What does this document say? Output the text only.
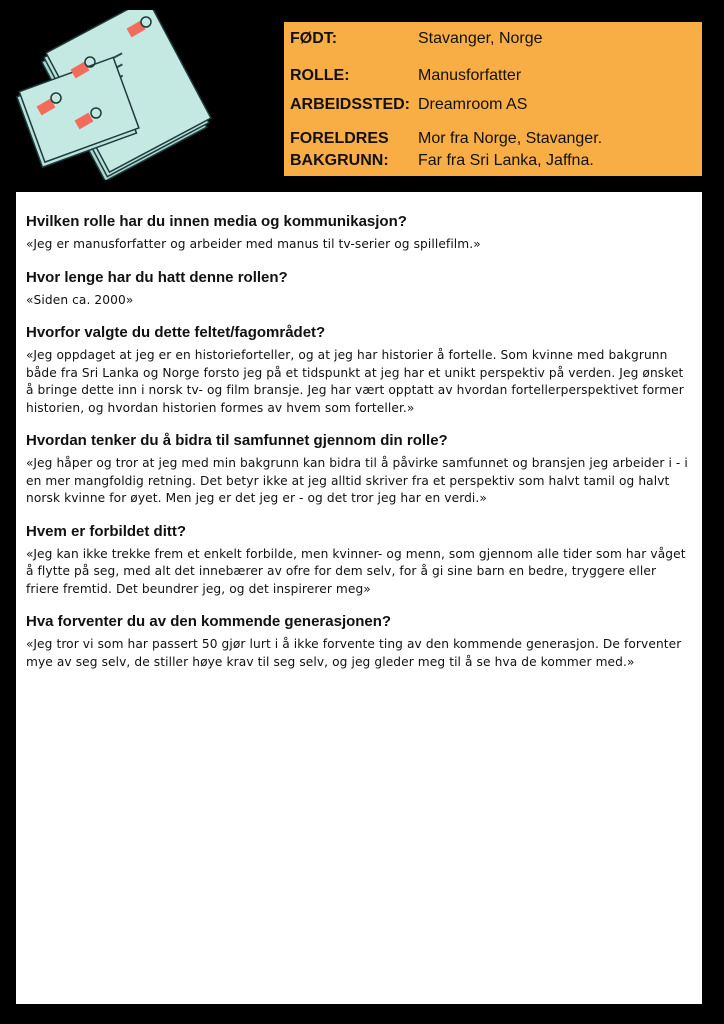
FØDT:	Stavanger, Norge
ROLLE:	Manusforfatter
ARBEIDSSTED: Dreamroom AS
FORELDRES BAKGRUNN:
Mor fra Norge, Stavanger. Far fra Sri Lanka, Jaffna.

Hvilken rolle har du innen media og kommunikasjon?

«Jeg er manusforfatter og arbeider med manus til tv-serier og spillefilm.»

Hvor lenge har du hatt denne rollen?

«Siden ca. 2000»

Hvorfor valgte du dette feltet/fagområdet?

«Jeg oppdaget at jeg er en historieforteller, og at jeg har historier å fortelle. Som kvinne med bakgrunn både fra Sri Lanka og Norge forsto jeg på et tidspunkt at jeg har et unikt perspektiv på verden. Jeg ønsket å bringe dette inn i norsk tv- og film bransje. Jeg har vært opptatt av hvordan fortellerperspektivet former historien, og hvordan historien formes av hvem som forteller.»

Hvordan tenker du å bidra til samfunnet gjennom din rolle?

«Jeg håper og tror at jeg med min bakgrunn kan bidra til å påvirke samfunnet og bransjen jeg arbeider i - i en mer mangfoldig retning. Det betyr ikke at jeg alltid skriver fra et perspektiv som halvt tamil og halvt norsk kvinne for øyet. Men jeg er det jeg er - og det tror jeg har en verdi.»

Hvem er forbildet ditt?

«Jeg kan ikke trekke frem et enkelt forbilde, men kvinner- og menn, som gjennom alle tider som har våget å flytte på seg, med alt det innebærer av ofre for dem selv, for å gi sine barn en bedre, tryggere eller friere fremtid. Det beundrer jeg, og det inspirerer meg»

Hva forventer du av den kommende generasjonen?

«Jeg tror vi som har passert 50 gjør lurt i å ikke forvente ting av den kommende generasjon. De forventer mye av seg selv, de stiller høye krav til seg selv, og jeg gleder meg til å se hva de kommer med.»
